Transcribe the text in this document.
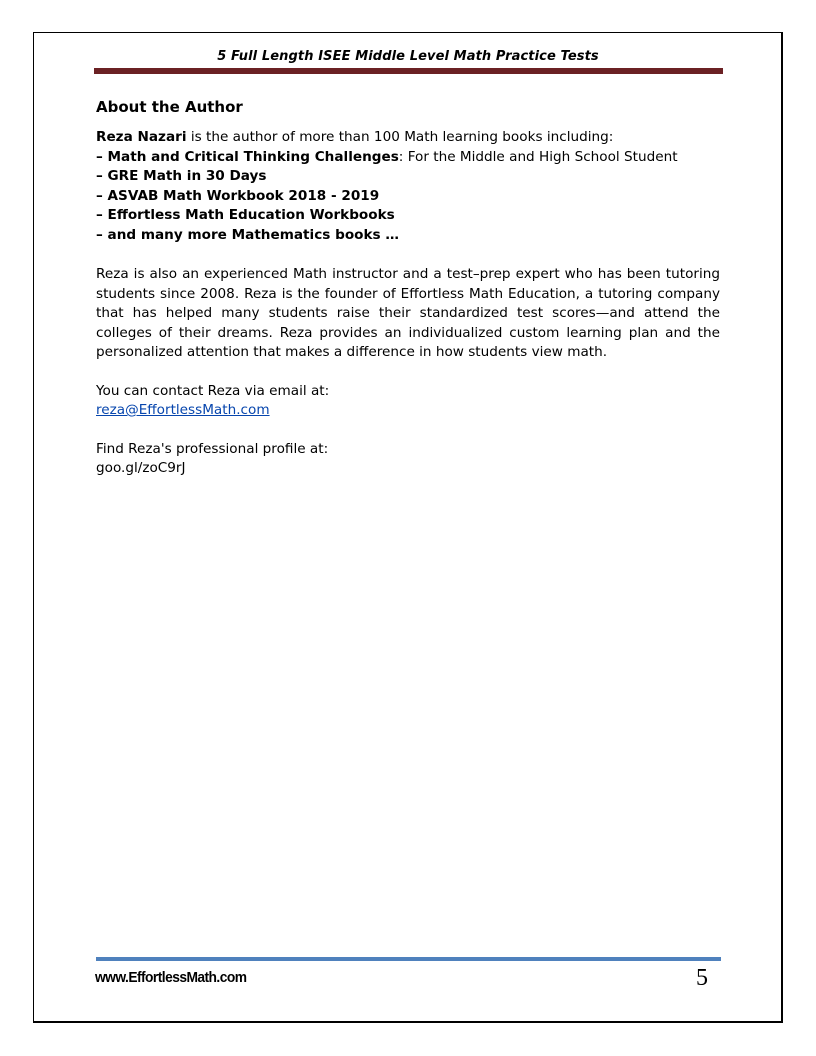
5 Full Length ISEE Middle Level Math Practice Tests
About the Author

Reza Nazari is the author of more than 100 Math learning books including:

– Math and Critical Thinking Challenges: For the Middle and High School Student

– GRE Math in 30 Days

– ASVAB Math Workbook 2018 - 2019

– Effortless Math Education Workbooks

– and many more Mathematics books …

Reza is also an experienced Math instructor and a test–prep expert who has been tutoring students since 2008. Reza is the founder of Effortless Math Education, a tutoring company that has helped many students raise their standardized test scores—and attend the colleges of their dreams. Reza provides an individualized custom learning plan and the personalized attention that makes a difference in how students view math.

You can contact Reza via email at:

reza@EffortlessMath.com

Find Reza's professional profile at:

goo.gl/zoC9rJ

www.EffortlessMath.com	5
